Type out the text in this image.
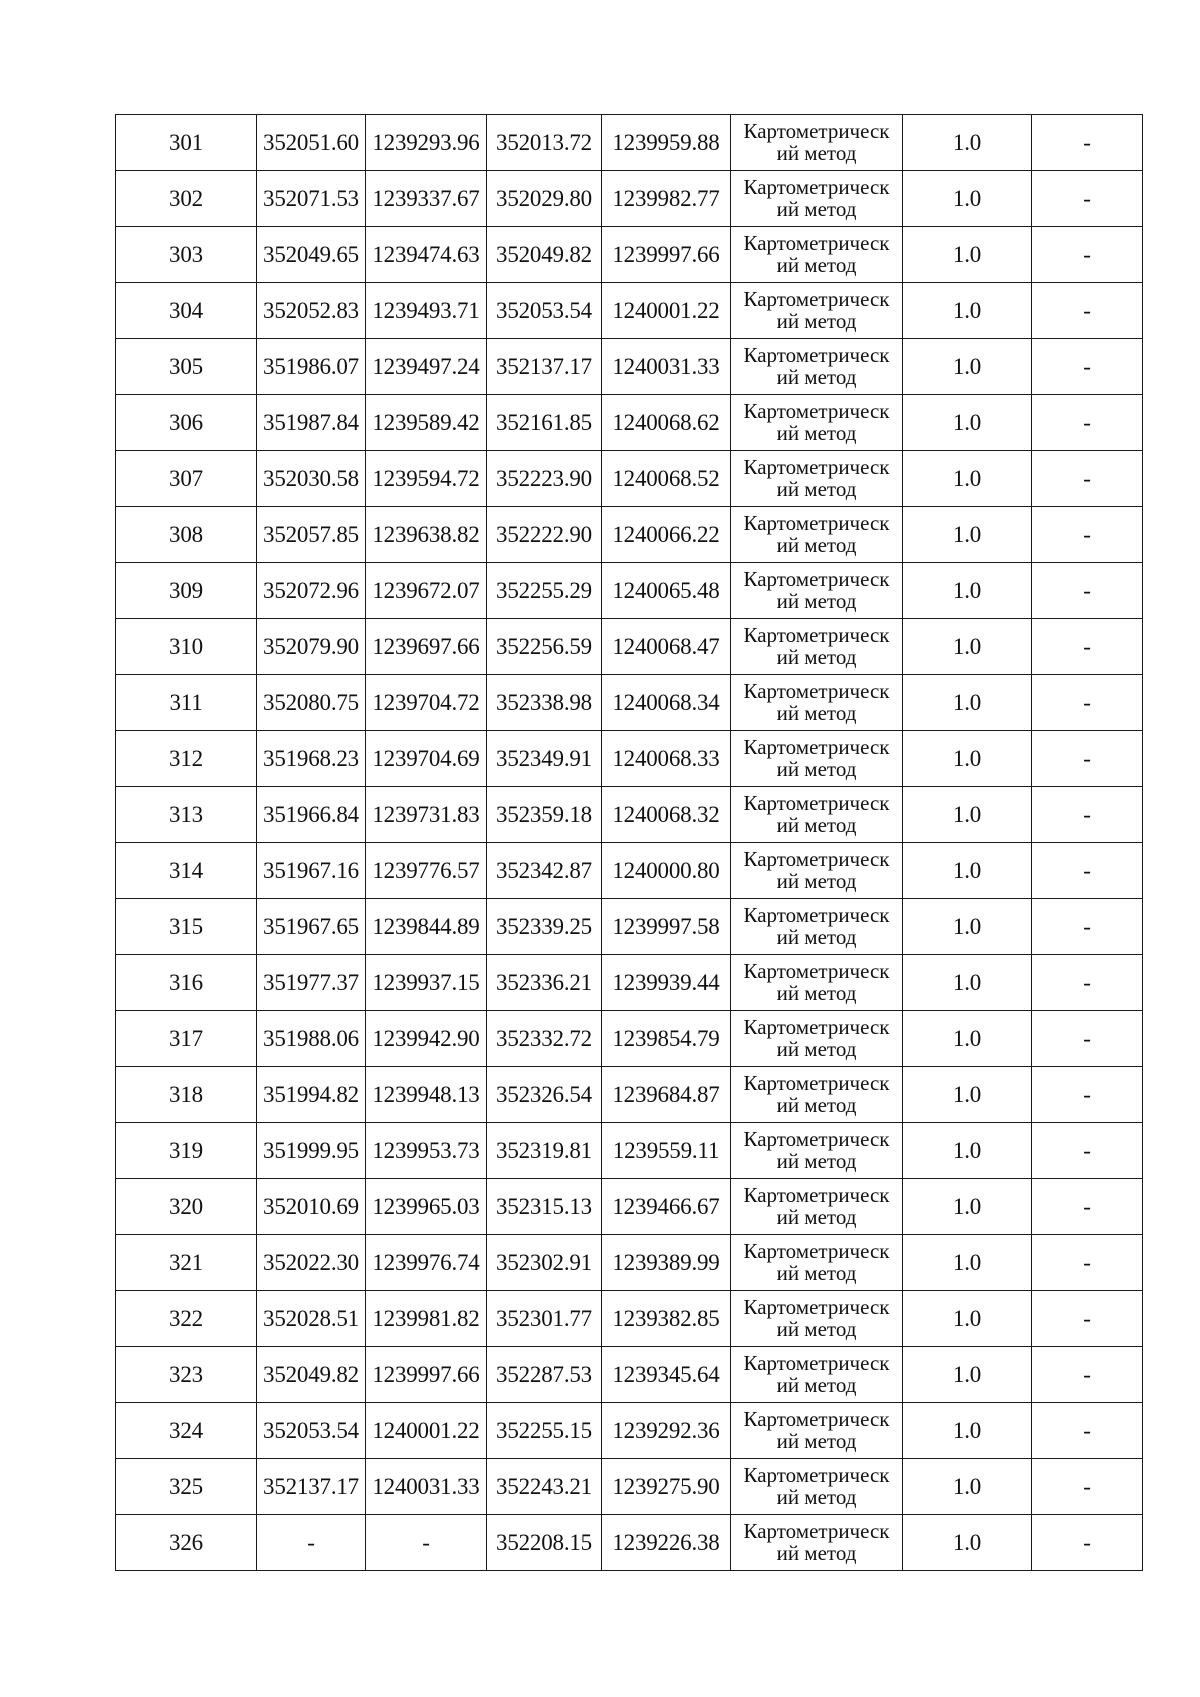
301	352051.60	1239293.96	352013.72	1239959.88	Картометрическ
ий метод	1.0	-
302	352071.53	1239337.67	352029.80	1239982.77	Картометрическ
ий метод	1.0	-
303	352049.65	1239474.63	352049.82	1239997.66	Картометрическ
ий метод	1.0	-
304	352052.83	1239493.71	352053.54	1240001.22	Картометрическ
ий метод	1.0	-
305	351986.07	1239497.24	352137.17	1240031.33	Картометрическ
ий метод	1.0	-
306	351987.84	1239589.42	352161.85	1240068.62	Картометрическ
ий метод	1.0	-
307	352030.58	1239594.72	352223.90	1240068.52	Картометрическ
ий метод	1.0	-
308	352057.85	1239638.82	352222.90	1240066.22	Картометрическ
ий метод	1.0	-
309	352072.96	1239672.07	352255.29	1240065.48	Картометрическ
ий метод	1.0	-
310	352079.90	1239697.66	352256.59	1240068.47	Картометрическ
ий метод	1.0	-
311	352080.75	1239704.72	352338.98	1240068.34	Картометрическ
ий метод	1.0	-
312	351968.23	1239704.69	352349.91	1240068.33	Картометрическ
ий метод	1.0	-
313	351966.84	1239731.83	352359.18	1240068.32	Картометрическ
ий метод	1.0	-
314	351967.16	1239776.57	352342.87	1240000.80	Картометрическ
ий метод	1.0	-
315	351967.65	1239844.89	352339.25	1239997.58	Картометрическ
ий метод	1.0	-
316	351977.37	1239937.15	352336.21	1239939.44	Картометрическ
ий метод	1.0	-
317	351988.06	1239942.90	352332.72	1239854.79	Картометрическ
ий метод	1.0	-
318	351994.82	1239948.13	352326.54	1239684.87	Картометрическ
ий метод	1.0	-
319	351999.95	1239953.73	352319.81	1239559.11	Картометрическ
ий метод	1.0	-
320	352010.69	1239965.03	352315.13	1239466.67	Картометрическ
ий метод	1.0	-
321	352022.30	1239976.74	352302.91	1239389.99	Картометрическ
ий метод	1.0	-
322	352028.51	1239981.82	352301.77	1239382.85	Картометрическ
ий метод	1.0	-
323	352049.82	1239997.66	352287.53	1239345.64	Картометрическ
ий метод	1.0	-
324	352053.54	1240001.22	352255.15	1239292.36	Картометрическ
ий метод	1.0	-
325	352137.17	1240031.33	352243.21	1239275.90	Картометрическ
ий метод	1.0	-
326	-	-	352208.15	1239226.38	Картометрическ
ий метод	1.0	-
